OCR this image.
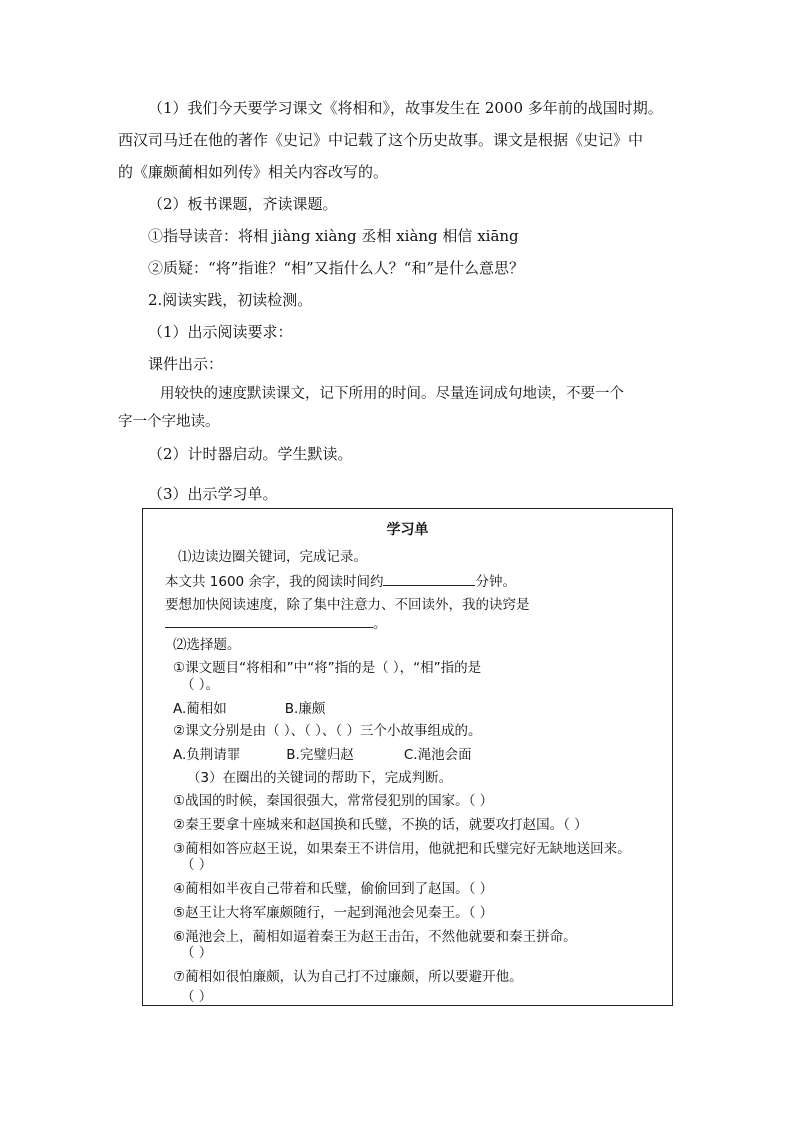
（1）我们今天要学习课文《将相和》，故事发生在 2000 多年前的战国时期。

西汉司马迁在他的著作《史记》中记载了这个历史故事。课文是根据《史记》中

的《廉颇蔺相如列传》相关内容改写的。

（2）板书课题，齐读课题。

①指导读音：将相 jiàng xiàng 丞相 xiàng 相信 xiāng

②质疑：“将”指谁？“相”又指什么人？“和”是什么意思？

2.阅读实践，初读检测。

（1）出示阅读要求：

课件出示：

用较快的速度默读课文，记下所用的时间。尽量连词成句地读，不要一个

字一个字地读。

（2）计时器启动。学生默读。

（3）出示学习单。

学习单

⑴边读边圈关键词，完成记录。

本文共 1600 余字，我的阅读时间约	分钟。

要想加快阅读速度，除了集中注意力、不回读外，我的诀窍是

。

⑵选择题。

①课文题目“将相和”中“将”指的是（ ），“相”指的是

（ ）。

A.蔺相如	B.廉颇

②课文分别是由（ ）、（ ）、（ ）三个小故事组成的。

A.负荆请罪	B.完璧归赵	C.渑池会面

（3）在圈出的关键词的帮助下，完成判断。

①战国的时候，秦国很强大，常常侵犯别的国家。（ ）

②秦王要拿十座城来和赵国换和氏璧，不换的话，就要攻打赵国。（ ）

③蔺相如答应赵王说，如果秦王不讲信用，他就把和氏璧完好无缺地送回来。

（ ）

④蔺相如半夜自己带着和氏璧，偷偷回到了赵国。（ ）

⑤赵王让大将军廉颇随行，一起到渑池会见秦王。（ ）

⑥渑池会上，蔺相如逼着秦王为赵王击缶，不然他就要和秦王拼命。

（ ）

⑦蔺相如很怕廉颇，认为自己打不过廉颇，所以要避开他。

（ ）
